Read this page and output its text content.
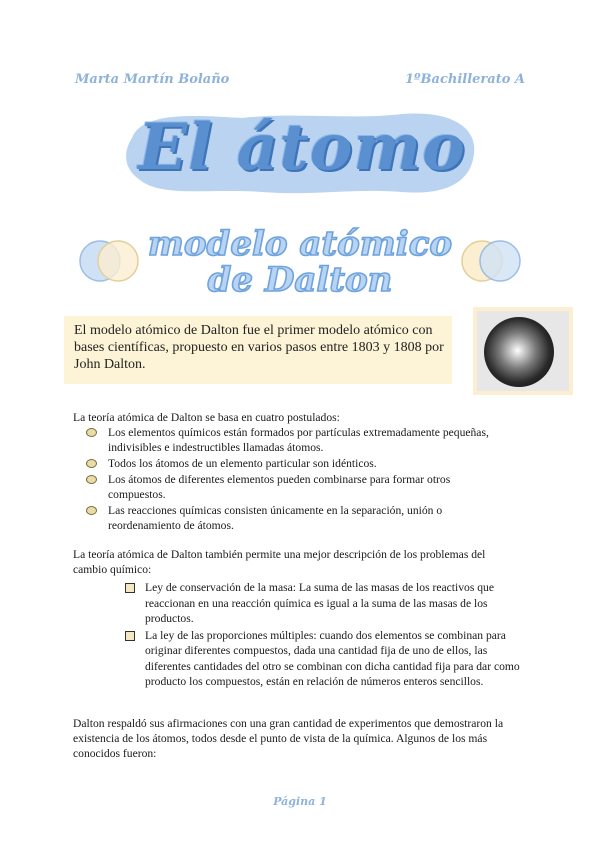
Marta Martín Bolaño	1ºBachillerato A
El átomo
modelo atómico
de Dalton
El modelo atómico de Dalton fue el primer modelo atómico con bases científicas, propuesto en varios pasos entre 1803 y 1808 por John Dalton.
La teoría atómica de Dalton se basa en cuatro postulados:
Los elementos químicos están formados por partículas extremadamente pequeñas, indivisibles e indestructibles llamadas átomos.
Todos los átomos de un elemento particular son idénticos.
Los átomos de diferentes elementos pueden combinarse para formar otros compuestos.
Las reacciones químicas consisten únicamente en la separación, unión o reordenamiento de átomos.
La teoría atómica de Dalton también permite una mejor descripción de los problemas del cambio químico:
Ley de conservación de la masa: La suma de las masas de los reactivos que reaccionan en una reacción química es igual a la suma de las masas de los productos.
La ley de las proporciones múltiples: cuando dos elementos se combinan para originar diferentes compuestos, dada una cantidad fija de uno de ellos, las diferentes cantidades del otro se combinan con dicha cantidad fija para dar como producto los compuestos, están en relación de números enteros sencillos.
Dalton respaldó sus afirmaciones con una gran cantidad de experimentos que demostraron la existencia de los átomos, todos desde el punto de vista de la química. Algunos de los más conocidos fueron:
Página 1
